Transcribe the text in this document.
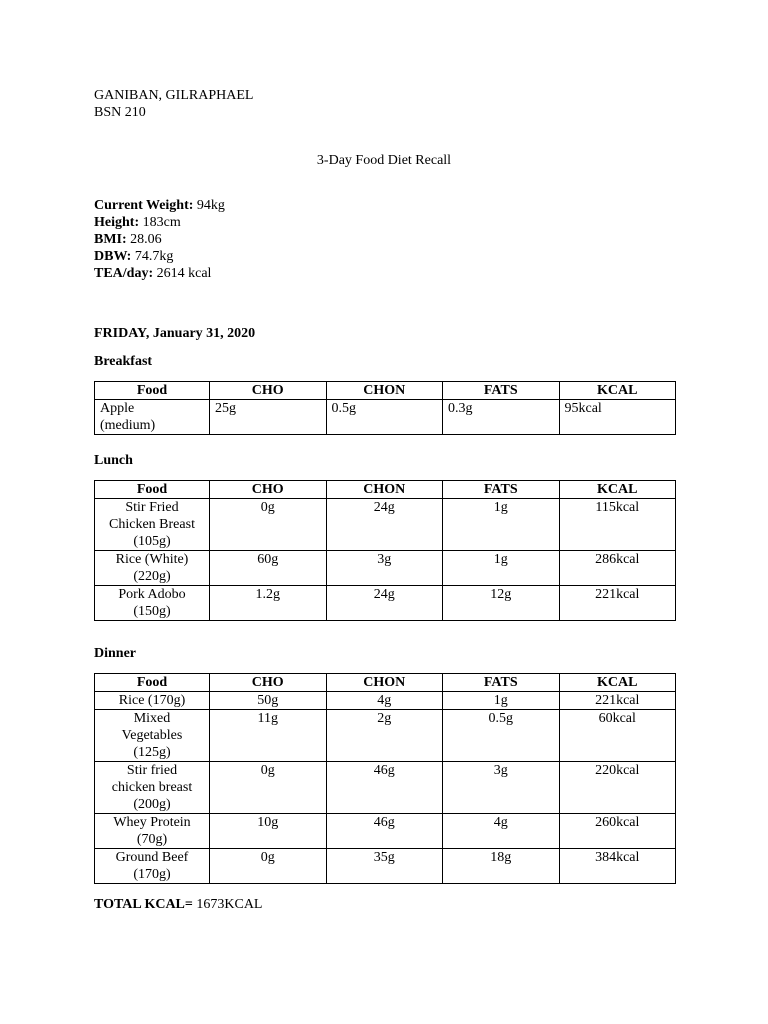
GANIBAN, GILRAPHAEL
BSN 210
3-Day Food Diet Recall
Current Weight: 94kg
Height: 183cm
BMI: 28.06
DBW: 74.7kg
TEA/day: 2614 kcal
FRIDAY, January 31, 2020
Breakfast
Food	CHO	CHON	FATS	KCAL

Apple
(medium)	25g	0.5g	0.3g	95kcal
Lunch
Food	CHO	CHON	FATS	KCAL

Stir Fried
Chicken Breast
(105g)	0g	24g	1g	115kcal

Rice (White)
(220g)	60g	3g	1g	286kcal

Pork Adobo
(150g)	1.2g	24g	12g	221kcal
Dinner
Food	CHO	CHON	FATS	KCAL

Rice (170g)	50g	4g	1g	221kcal

Mixed
Vegetables
(125g)	11g	2g	0.5g	60kcal

Stir fried
chicken breast
(200g)	0g	46g	3g	220kcal

Whey Protein
(70g)	10g	46g	4g	260kcal

Ground Beef
(170g)	0g	35g	18g	384kcal
TOTAL KCAL= 1673KCAL
